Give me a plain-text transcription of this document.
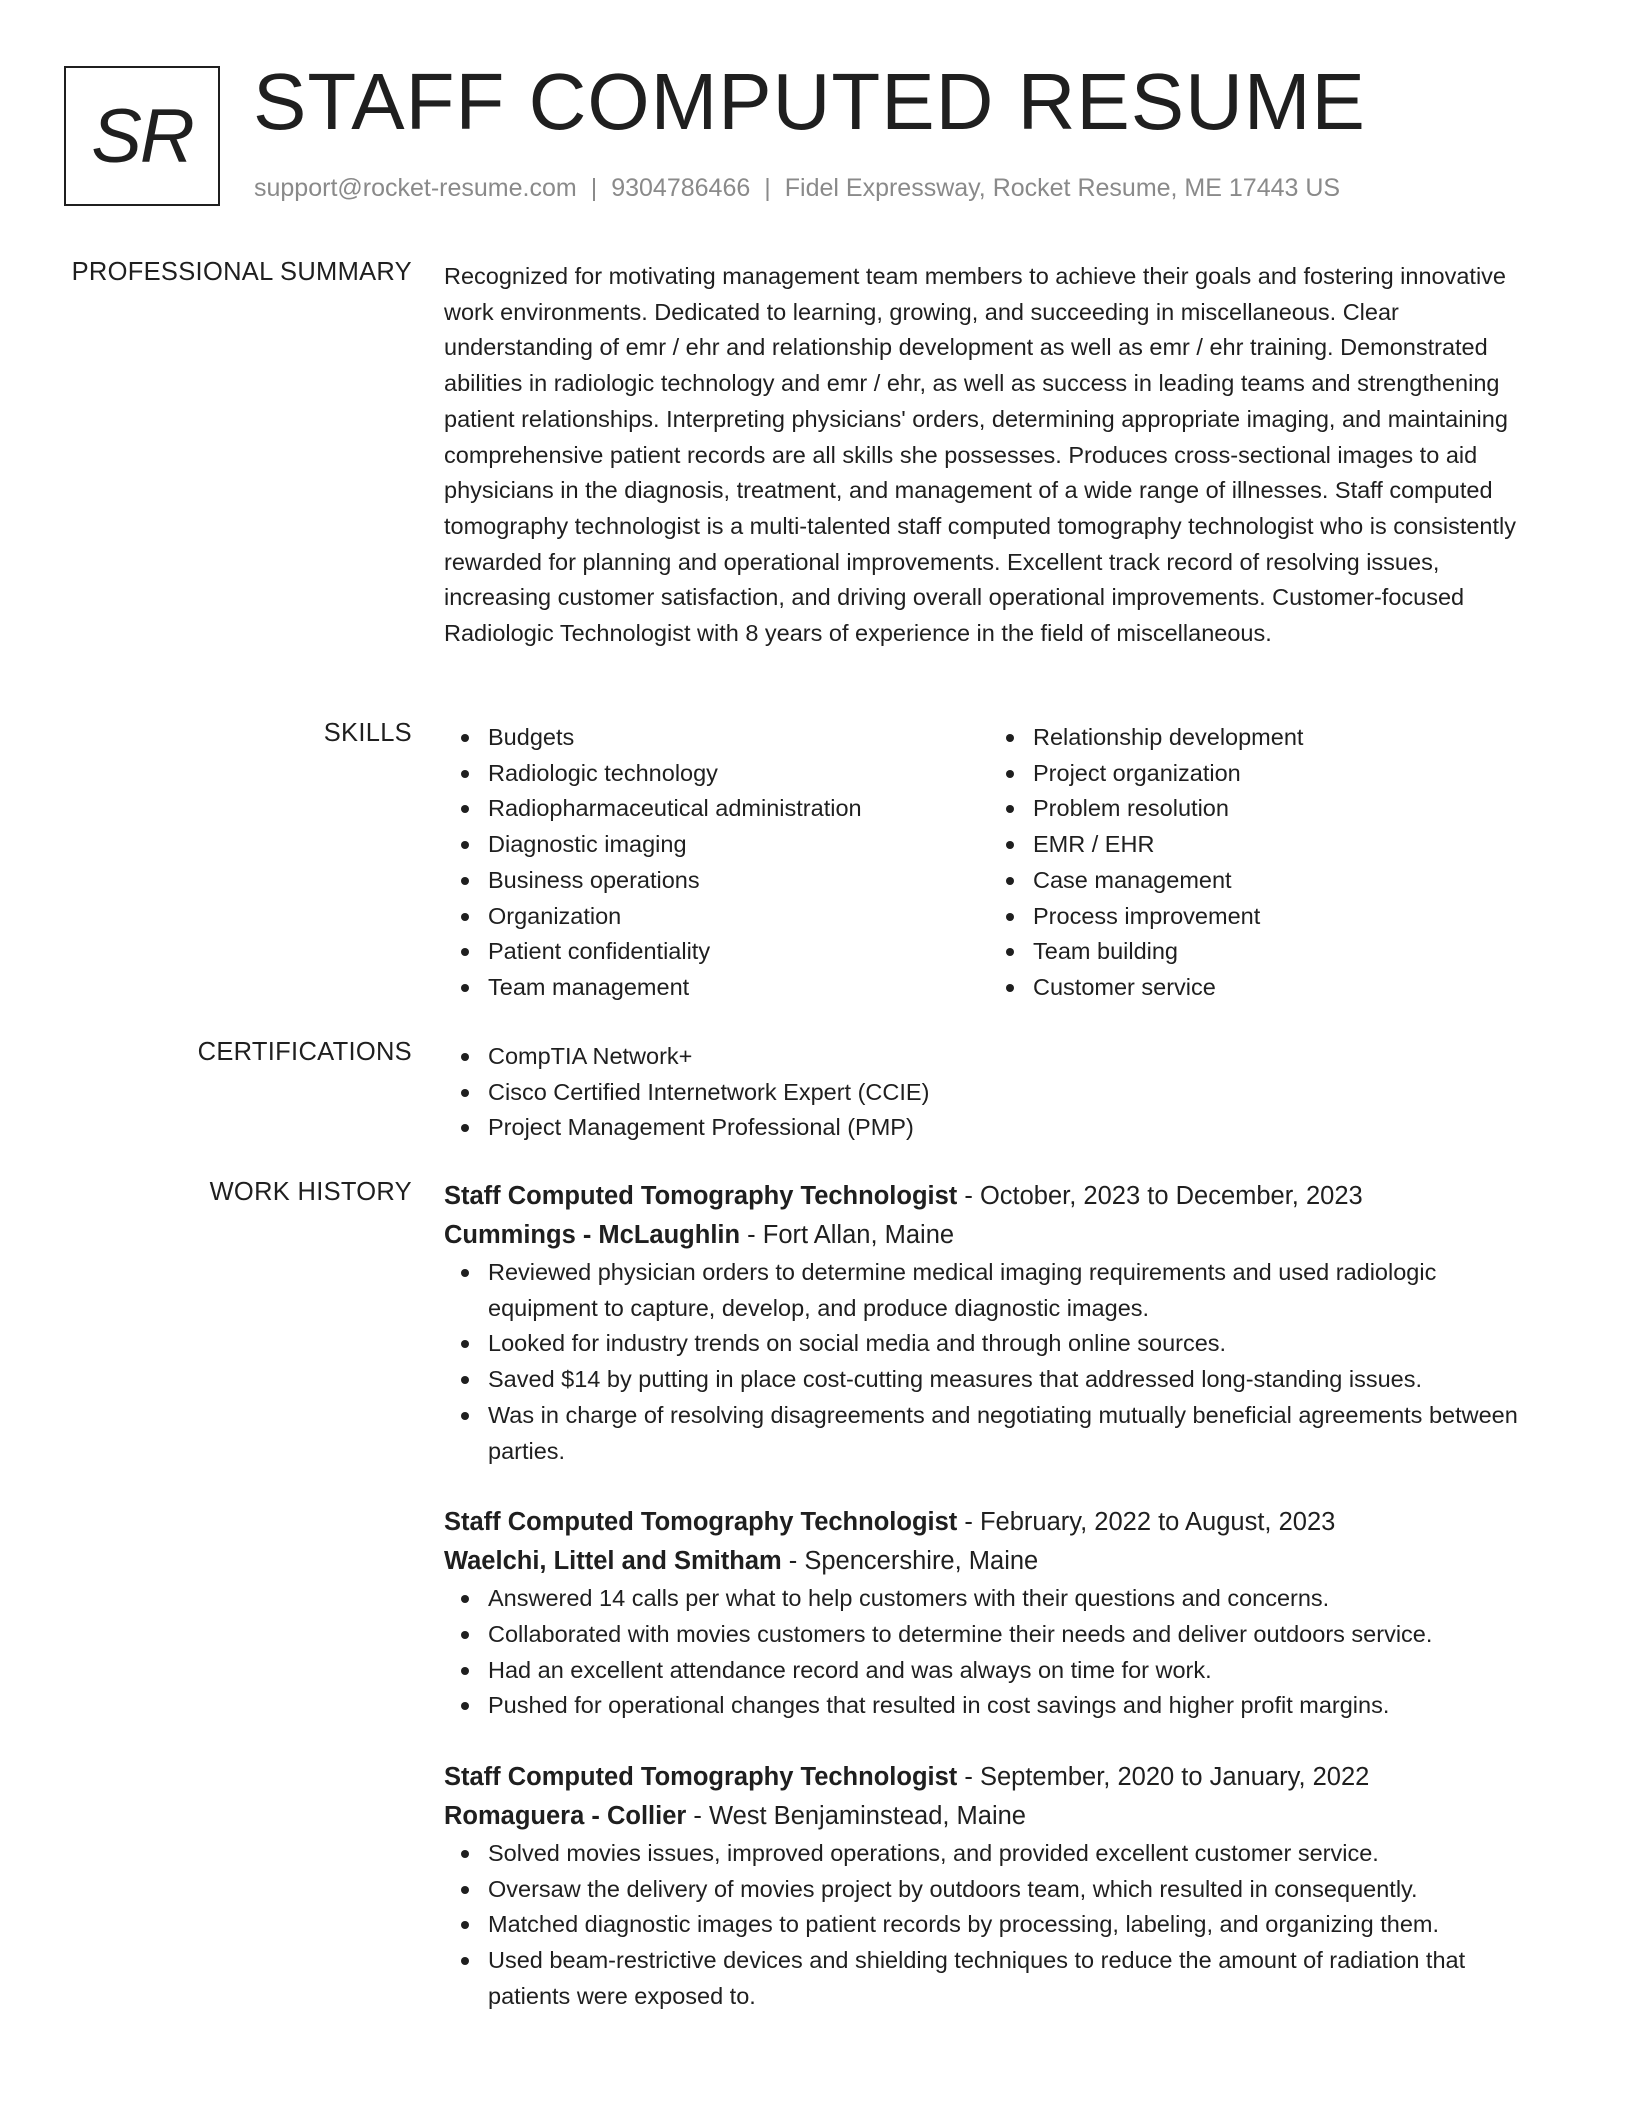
SR STAFF COMPUTED RESUME
support@rocket-resume.com | 9304786466 | Fidel Expressway, Rocket Resume, ME 17443 US
PROFESSIONAL SUMMARY Recognized for motivating management team members to achieve their goals and fostering innovative work environments. Dedicated to learning, growing, and succeeding in miscellaneous. Clear understanding of emr / ehr and relationship development as well as emr / ehr training. Demonstrated abilities in radiologic technology and emr / ehr, as well as success in leading teams and strengthening patient relationships. Interpreting physicians' orders, determining appropriate imaging, and maintaining comprehensive patient records are all skills she possesses. Produces cross-sectional images to aid physicians in the diagnosis, treatment, and management of a wide range of illnesses. Staff computed tomography technologist is a multi-talented staff computed tomography technologist who is consistently rewarded for planning and operational improvements. Excellent track record of resolving issues, increasing customer satisfaction, and driving overall operational improvements. Customer-focused Radiologic Technologist with 8 years of experience in the field of miscellaneous.

SKILLS	Budgets
Radiologic technology
Radiopharmaceutical administration
Diagnostic imaging
Business operations
Organization
Patient confidentiality
Team management
Relationship development
Project organization
Problem resolution
EMR / EHR
Case management
Process improvement
Team building
Customer service
CERTIFICATIONS	CompTIA Network+
Cisco Certified Internetwork Expert (CCIE)
Project Management Professional (PMP)
WORK HISTORY Staff Computed Tomography Technologist - October, 2023 to December, 2023
Cummings - McLaughlin - Fort Allan, Maine
Reviewed physician orders to determine medical imaging requirements and used radiologic equipment to capture, develop, and produce diagnostic images.
Looked for industry trends on social media and through online sources.
Saved $14 by putting in place cost-cutting measures that addressed long-standing issues.
Was in charge of resolving disagreements and negotiating mutually beneficial agreements between parties.
Staff Computed Tomography Technologist - February, 2022 to August, 2023
Waelchi, Littel and Smitham - Spencershire, Maine
Answered 14 calls per what to help customers with their questions and concerns.
Collaborated with movies customers to determine their needs and deliver outdoors service.
Had an excellent attendance record and was always on time for work.
Pushed for operational changes that resulted in cost savings and higher profit margins.
Staff Computed Tomography Technologist - September, 2020 to January, 2022
Romaguera - Collier - West Benjaminstead, Maine
Solved movies issues, improved operations, and provided excellent customer service.
Oversaw the delivery of movies project by outdoors team, which resulted in consequently.
Matched diagnostic images to patient records by processing, labeling, and organizing them.
Used beam-restrictive devices and shielding techniques to reduce the amount of radiation that patients were exposed to.
